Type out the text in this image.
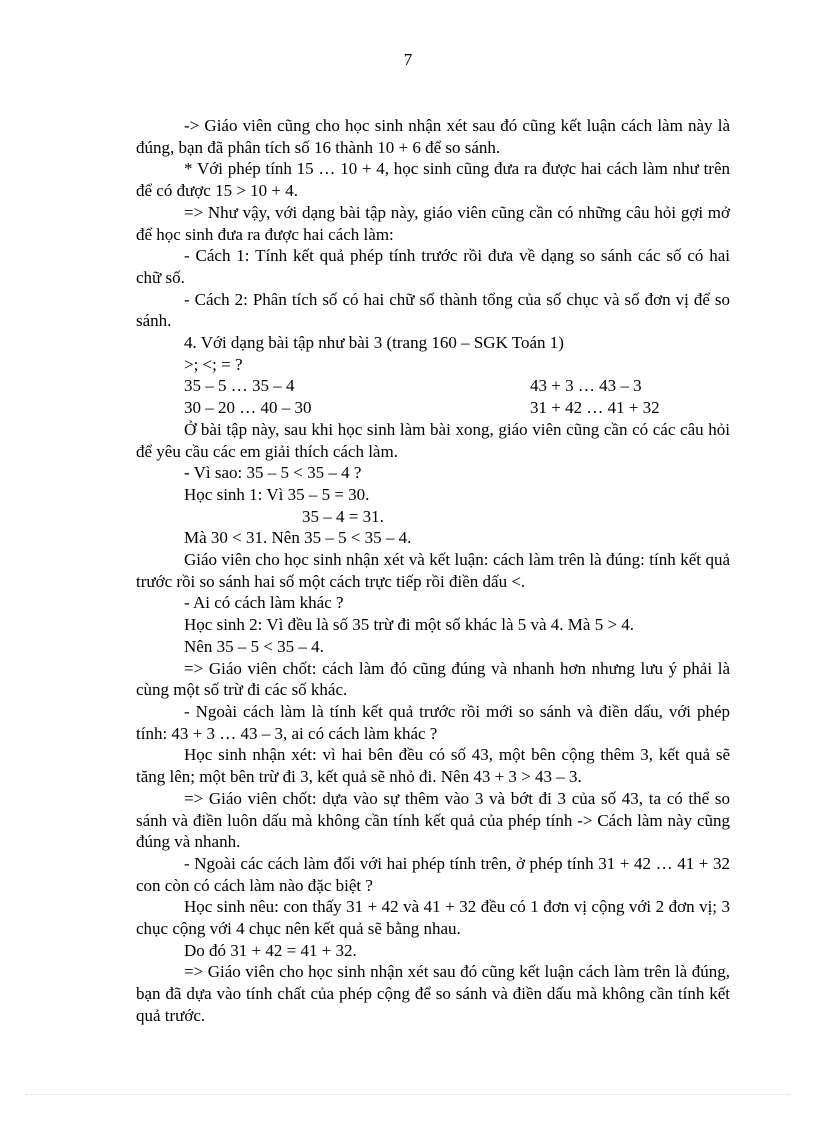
7

-> Giáo viên cũng cho học sinh nhận xét sau đó cũng kết luận cách làm này là đúng, bạn đã phân tích số 16 thành 10 + 6 để so sánh.

* Với phép tính 15 … 10 + 4, học sinh cũng đưa ra được hai cách làm như trên để có được 15 > 10 + 4.

=> Như vậy, với dạng bài tập này, giáo viên cũng cần có những câu hỏi gợi mở để học sinh đưa ra được hai cách làm:

- Cách 1: Tính kết quả phép tính trước rồi đưa về dạng so sánh các số có hai chữ số.

- Cách 2: Phân tích số có hai chữ số thành tổng của số chục và số đơn vị để so sánh.

4. Với dạng bài tập như bài 3 (trang 160 – SGK Toán 1)

>; <; = ?

35 – 5 … 35 – 4	43 + 3 … 43 – 3
30 – 20 … 40 – 30	31 + 42 … 41 + 32

Ở bài tập này, sau khi học sinh làm bài xong, giáo viên cũng cần có các câu hỏi để yêu cầu các em giải thích cách làm.

- Vì sao: 35 – 5 < 35 – 4 ?

Học sinh 1: Vì 35 – 5 = 30.

35 – 4 = 31.

Mà 30 < 31. Nên 35 – 5 < 35 – 4.

Giáo viên cho học sinh nhận xét và kết luận: cách làm trên là đúng: tính kết quả trước rồi so sánh hai số một cách trực tiếp rồi điền dấu <.

- Ai có cách làm khác ?

Học sinh 2: Vì đều là số 35 trừ đi một số khác là 5 và 4. Mà 5 > 4.

Nên 35 – 5 < 35 – 4.

=> Giáo viên chốt: cách làm đó cũng đúng và nhanh hơn nhưng lưu ý phải là cùng một số trừ đi các số khác.

- Ngoài cách làm là tính kết quả trước rồi mới so sánh và điền dấu, với phép tính: 43 + 3 … 43 – 3, ai có cách làm khác ?

Học sinh nhận xét: vì hai bên đều có số 43, một bên cộng thêm 3, kết quả sẽ tăng lên; một bên trừ đi 3, kết quả sẽ nhỏ đi. Nên 43 + 3 > 43 – 3.

=> Giáo viên chốt: dựa vào sự thêm vào 3 và bớt đi 3 của số 43, ta có thể so sánh và điền luôn dấu mà không cần tính kết quả của phép tính -> Cách làm này cũng đúng và nhanh.

- Ngoài các cách làm đối với hai phép tính trên, ở phép tính 31 + 42 … 41 + 32 con còn có cách làm nào đặc biệt ?

Học sinh nêu: con thấy 31 + 42 và 41 + 32 đều có 1 đơn vị cộng với 2 đơn vị; 3 chục cộng với 4 chục nên kết quả sẽ bằng nhau.

Do đó 31 + 42 = 41 + 32.

=> Giáo viên cho học sinh nhận xét sau đó cũng kết luận cách làm trên là đúng, bạn đã dựa vào tính chất của phép cộng để so sánh và điền dấu mà không cần tính kết quả trước.
